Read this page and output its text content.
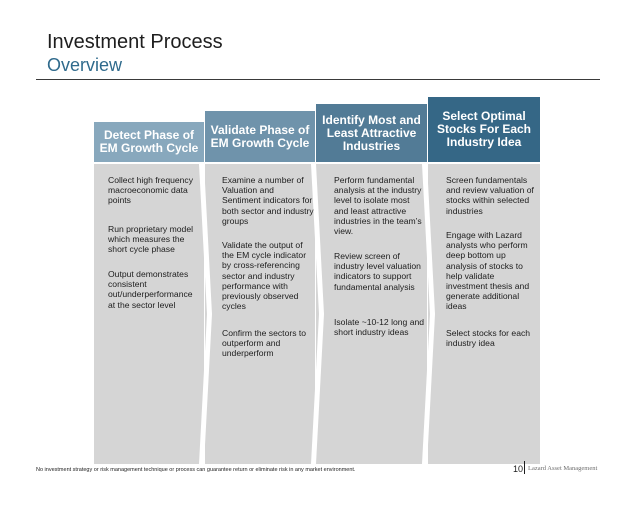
Investment Process
Overview
Detect Phase of EM Growth Cycle
Validate Phase of EM Growth Cycle
Identify Most and Least Attractive Industries
Select Optimal Stocks For Each Industry Idea
Collect high frequency macroeconomic data points
Run proprietary model which measures the short cycle phase
Output demonstrates consistent out/underperformance at the sector level
Examine a number of Valuation and Sentiment indicators for both sector and industry groups
Validate the output of the EM cycle indicator by cross-referencing sector and industry performance with previously observed cycles
Confirm the sectors to outperform and underperform
Perform fundamental analysis at the industry level to isolate most and least attractive industries in the team’s view.
Review screen of industry level valuation indicators to support fundamental analysis
Isolate ~10-12 long and short industry ideas
Screen fundamentals and review valuation of stocks within selected industries
Engage with Lazard analysts who perform deep bottom up analysis of stocks to help validate investment thesis and generate additional ideas
Select stocks for each industry idea
No investment strategy or risk management technique or process can guarantee return or eliminate risk in any market environment.	10 Lazard Asset Management
